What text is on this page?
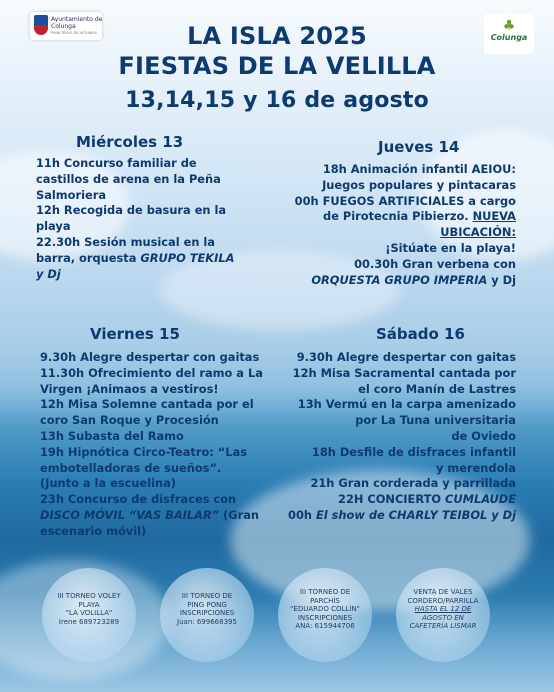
Ayuntamiento de
Colunga
PRINCIPADO DE ASTURIAS	♣
Colunga
LA ISLA 2025
FIESTAS DE LA VELILLA
13,14,15 y 16 de agosto
Miércoles 13
11h Concurso familiar de
castillos de arena en la Peña
Salmoriera
12h Recogida de basura en la
playa
22.30h Sesión musical en la
barra, orquesta GRUPO TEKILA
y Dj
Jueves 14
18h Animación infantil AEIOU:
Juegos populares y pintacaras
00h FUEGOS ARTIFICIALES a cargo
de Pirotecnia Pibierzo. NUEVA
UBICACIÓN:
¡Sitúate en la playa!
00.30h Gran verbena con
ORQUESTA GRUPO IMPERIA y Dj
Viernes 15
9.30h Alegre despertar con gaitas
11.30h Ofrecimiento del ramo a La
Virgen ¡Animaos a vestiros!
12h Misa Solemne cantada por el
coro San Roque y Procesión
13h Subasta del Ramo
19h Hipnótica Circo-Teatro: “Las
embotelladoras de sueños”.
(Junto a la escuelina)
23h Concurso de disfraces con
DISCO MÓVIL “VAS BAILAR” (Gran
escenario móvil)
Sábado 16
9.30h Alegre despertar con gaitas
12h Misa Sacramental cantada por
el coro Manín de Lastres
13h Vermú en la carpa amenizado
por La Tuna universitaria
de Oviedo
18h Desfile de disfraces infantil
y merendola
21h Gran corderada y parrillada
22H CONCIERTO CUMLAUDE
00h El show de CHARLY TEIBOL y Dj
III TORNEO VOLEY
PLAYA
"LA VOLILLA"
Irene 689723289
III TORNEO DE
PING PONG
INSCRIPCIONES
Juan: 699668395
III TORNEO DE
PARCHÍS
"EDUARDO COLLÍN"
INSCRIPCIONES
ANA: 615944706
VENTA DE VALES
CORDERO/PARRILLA
HASTA EL 12 DE
AGOSTO EN
CAFETERÍA LISMAR
